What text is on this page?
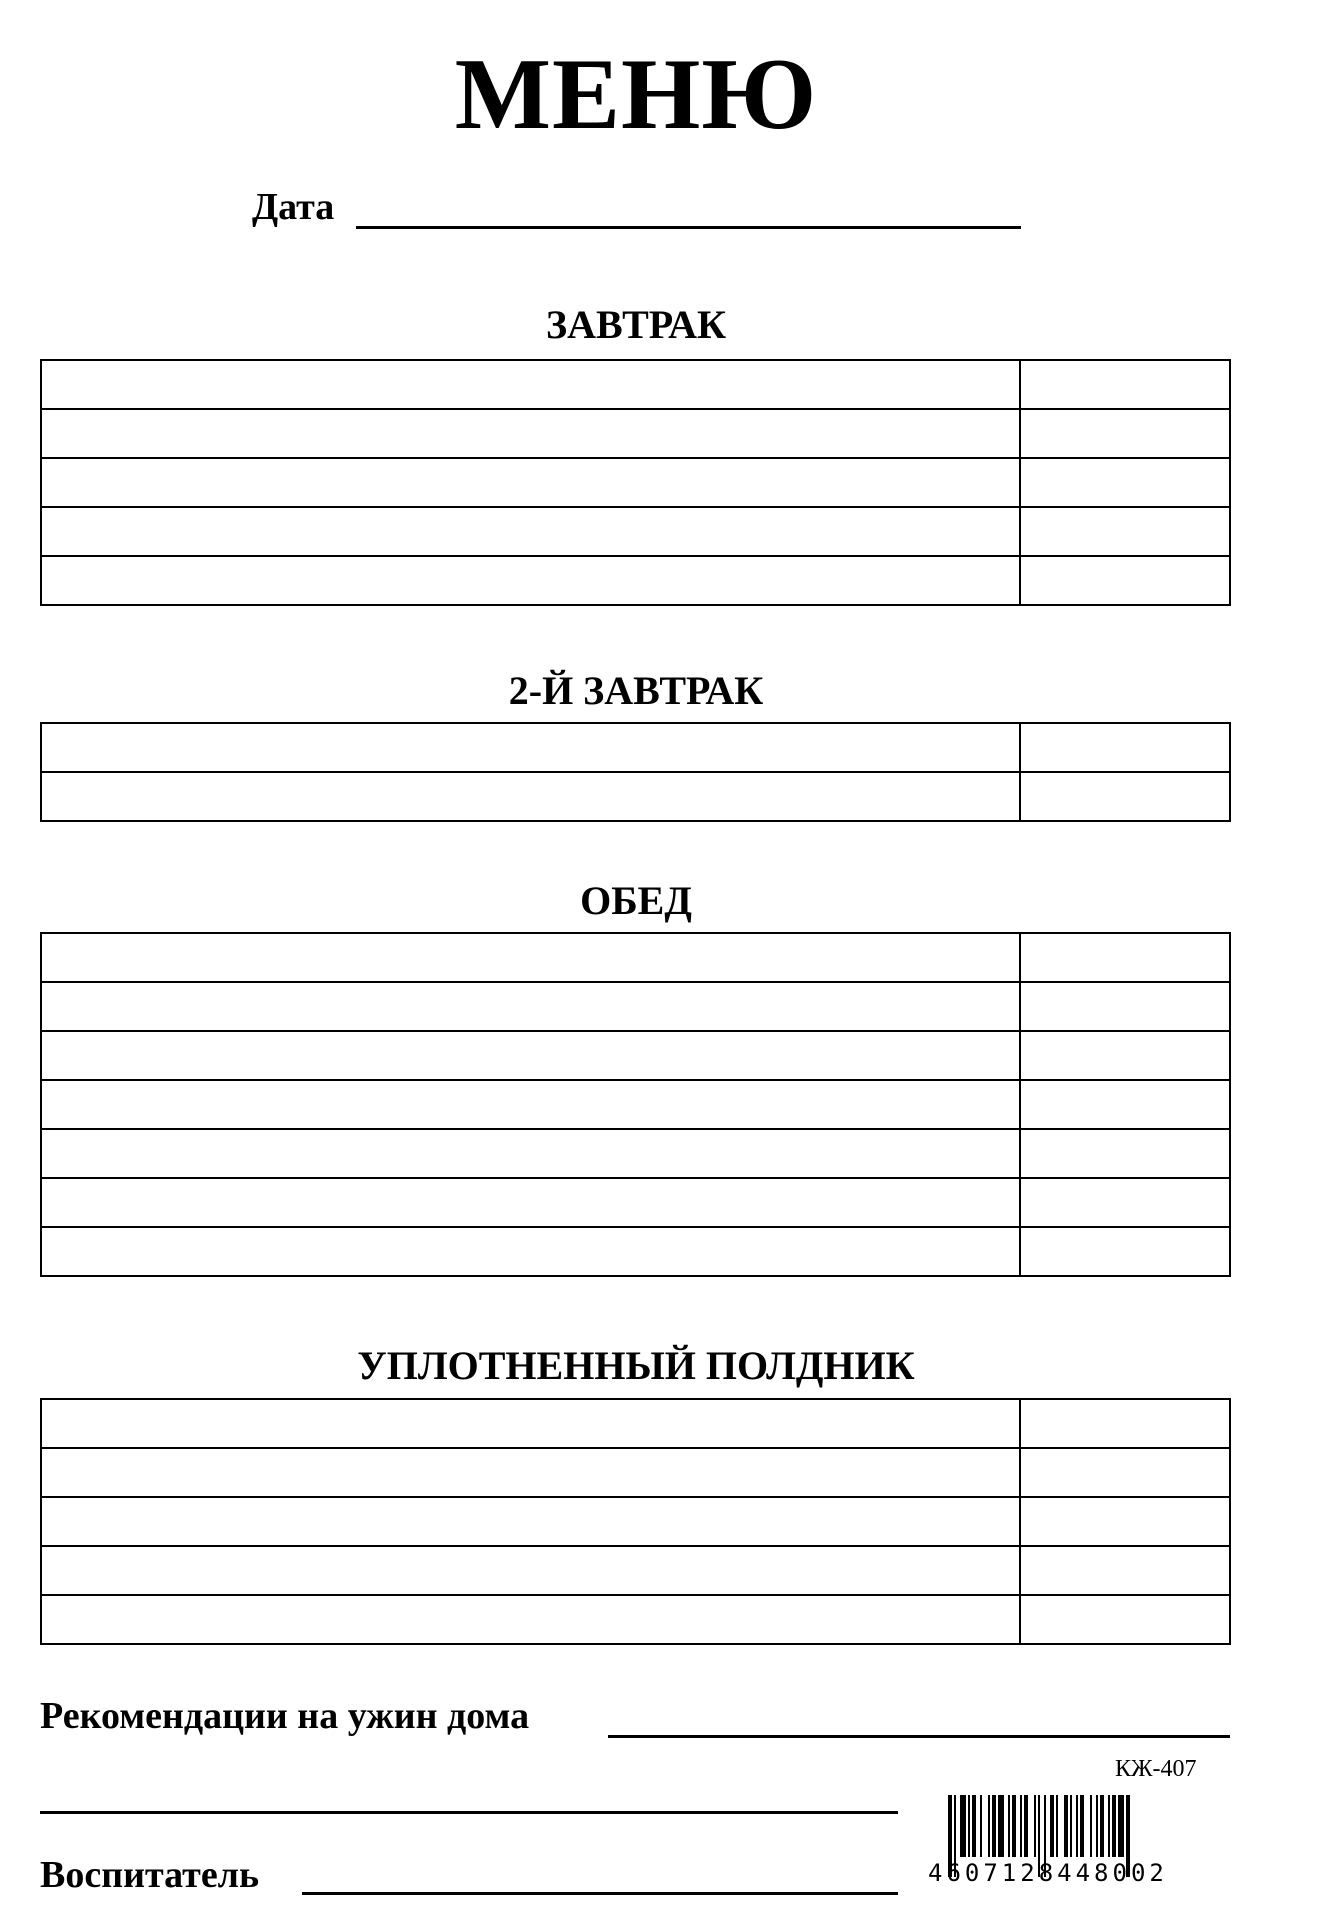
МЕНЮ
Дата
ЗАВТРАК

2-Й ЗАВТРАК

ОБЕД

УПЛОТНЕННЫЙ ПОЛДНИК

Рекомендации на ужин дома
КЖ-407
Воспитатель	4607128448002
